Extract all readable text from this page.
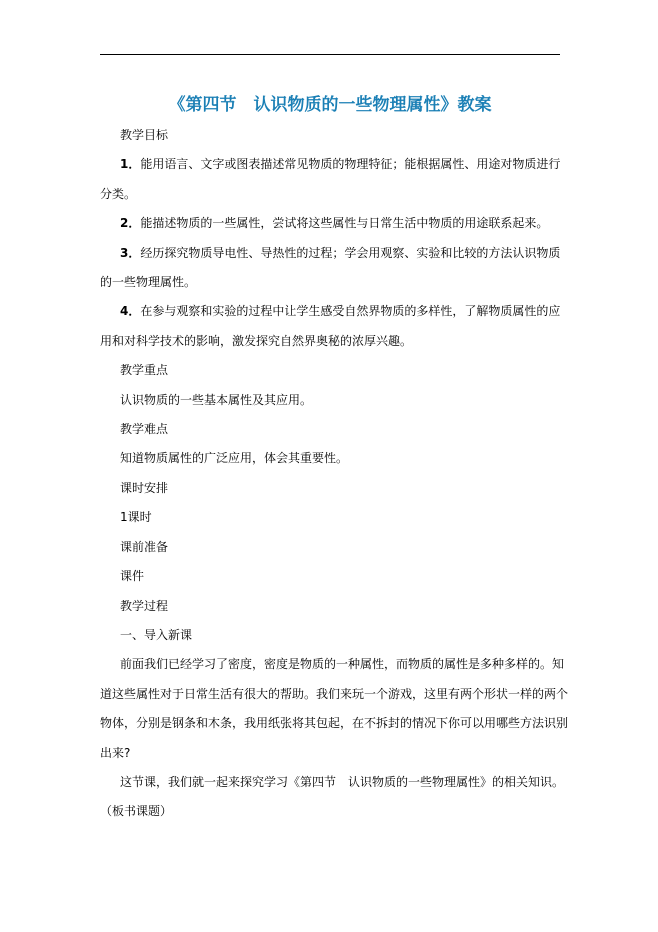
《第四节　认识物质的一些物理属性》教案

教学目标

1．能用语言、文字或图表描述常见物质的物理特征；能根据属性、用途对物质进行

分类。

2．能描述物质的一些属性，尝试将这些属性与日常生活中物质的用途联系起来。

3．经历探究物质导电性、导热性的过程；学会用观察、实验和比较的方法认识物质

的一些物理属性。

4．在参与观察和实验的过程中让学生感受自然界物质的多样性，了解物质属性的应

用和对科学技术的影响，激发探究自然界奥秘的浓厚兴趣。

教学重点

认识物质的一些基本属性及其应用。

教学难点

知道物质属性的广泛应用，体会其重要性。

课时安排

1课时

课前准备

课件

教学过程

一、导入新课

前面我们已经学习了密度，密度是物质的一种属性，而物质的属性是多种多样的。知

道这些属性对于日常生活有很大的帮助。我们来玩一个游戏，这里有两个形状一样的两个

物体，分别是钢条和木条，我用纸张将其包起，在不拆封的情况下你可以用哪些方法识别

出来?

这节课，我们就一起来探究学习《第四节　认识物质的一些物理属性》的相关知识。

（板书课题）
